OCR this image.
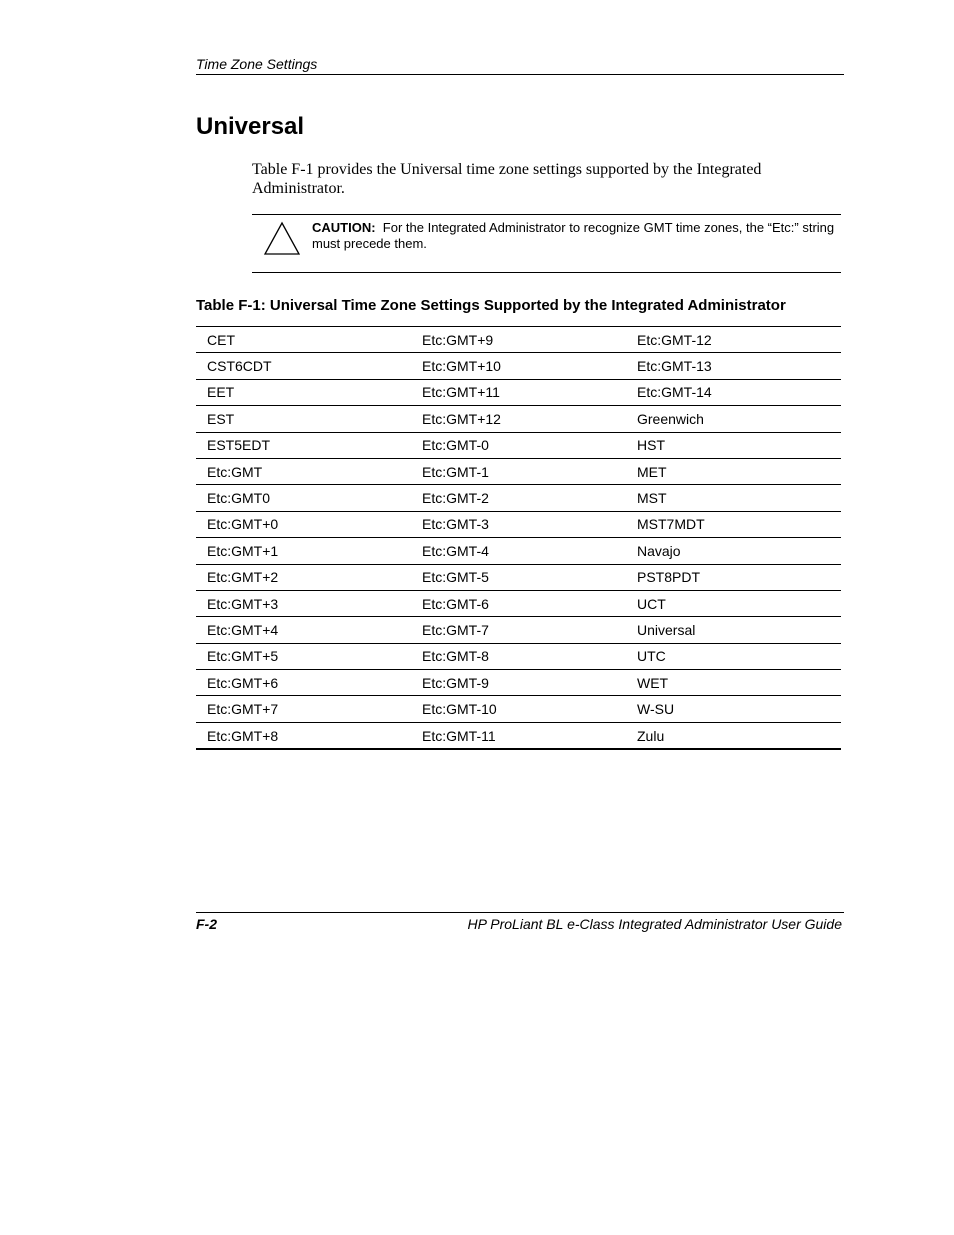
Time Zone Settings
Universal

Table F-1 provides the Universal time zone settings supported by the Integrated Administrator.

CAUTION: For the Integrated Administrator to recognize GMT time zones, the “Etc:” string must precede them.

Table F-1: Universal Time Zone Settings Supported by the Integrated Administrator

CET	Etc:GMT+9	Etc:GMT-12
CST6CDT	Etc:GMT+10	Etc:GMT-13
EET	Etc:GMT+11	Etc:GMT-14
EST	Etc:GMT+12	Greenwich
EST5EDT	Etc:GMT-0	HST
Etc:GMT	Etc:GMT-1	MET
Etc:GMT0	Etc:GMT-2	MST
Etc:GMT+0	Etc:GMT-3	MST7MDT
Etc:GMT+1	Etc:GMT-4	Navajo
Etc:GMT+2	Etc:GMT-5	PST8PDT
Etc:GMT+3	Etc:GMT-6	UCT
Etc:GMT+4	Etc:GMT-7	Universal
Etc:GMT+5	Etc:GMT-8	UTC
Etc:GMT+6	Etc:GMT-9	WET
Etc:GMT+7	Etc:GMT-10	W-SU
Etc:GMT+8	Etc:GMT-11	Zulu
F-2	HP ProLiant BL e-Class Integrated Administrator User Guide
